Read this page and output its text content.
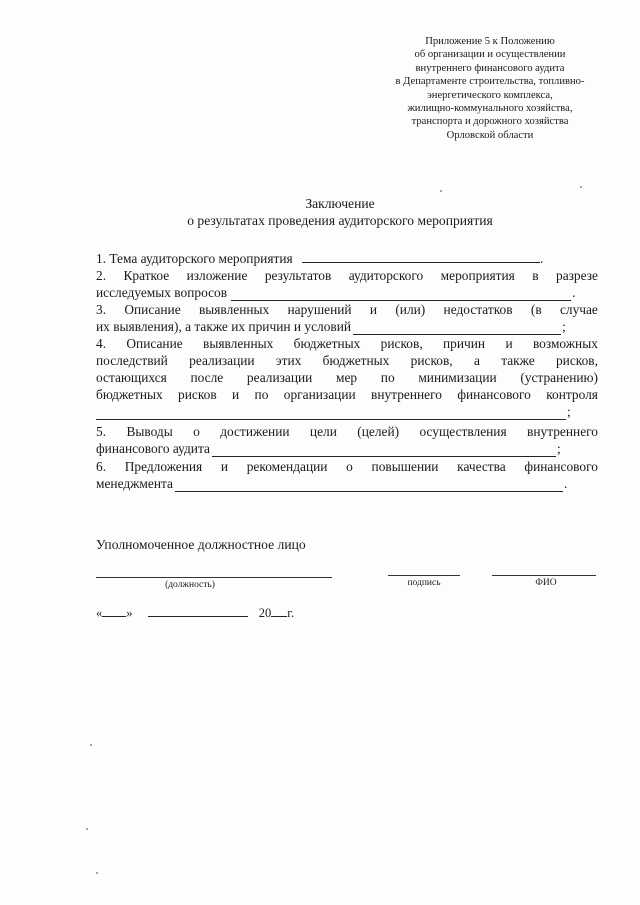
Приложение 5 к Положению
об организации и осуществлении
внутреннего финансового аудита
в Департаменте строительства, топливно-
энергетического комплекса,
жилищно-коммунального хозяйства,
транспорта и дорожного хозяйства
Орловской области
Заключение
о результатах проведения аудиторского мероприятия
1. Тема аудиторского мероприятия	.
2. Краткое изложение результатов аудиторского мероприятия в разрезе
исследуемых вопросов	.
3. Описание выявленных нарушений и (или) недостатков (в случае
их выявления), а также их причин и условий	;
4. Описание выявленных бюджетных рисков, причин и возможных
последствий реализации этих бюджетных рисков, а также рисков,
остающихся после реализации мер по минимизации (устранению)
бюджетных рисков и по организации внутреннего финансового контроля
;
5. Выводы о достижении цели (целей) осуществления внутреннего
финансового аудита	;
6. Предложения и рекомендации о повышении качества финансового
менеджмента	.
Уполномоченное должностное лицо
(должность)	подпись	ФИО
« »	20 г.
